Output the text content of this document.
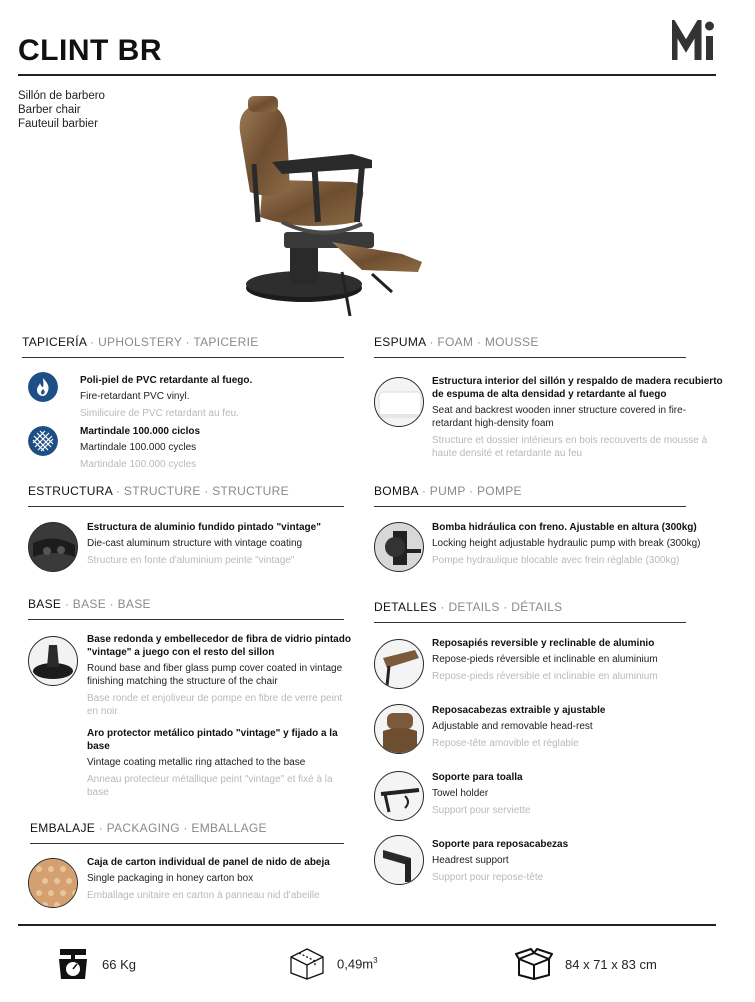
CLINT BR
Sillón de barbero
Barber chair
Fauteuil barbier
TAPICERÍA · UPHOLSTERY · TAPICERIE
Poli-piel de PVC retardante al fuego.
Fire-retardant PVC vinyl.
Similicuire de PVC retardant au feu.
Martindale 100.000 ciclos
Martindale 100.000 cycles
Martindale 100.000 cycles
ESPUMA · FOAM · MOUSSE
Estructura interior del sillón y respaldo de madera recubierto de espuma de alta densidad y retardante al fuego
Seat and backrest wooden inner structure covered in fire-retardant high-density foam
Structure et dossier intérieurs en bois recouverts de mousse à haute densité et retardante au feu
ESTRUCTURA · STRUCTURE · STRUCTURE
Estructura de aluminio fundido pintado "vintage"
Die-cast aluminum structure with vintage coating
Structure en fonte d'aluminium peinte "vintage"
BOMBA · PUMP · POMPE
Bomba hidráulica con freno. Ajustable en altura (300kg)
Locking height adjustable hydraulic pump with break (300kg)
Pompe hydraulique blocable avec frein réglable (300kg)
BASE · BASE · BASE
Base redonda y embellecedor de fibra de vidrio pintado "vintage" a juego con el resto del sillon
Round base and fiber glass pump cover coated in vintage finishing matching the structure of the chair
Base ronde et enjoliveur de pompe en fibre de verre peint en noir
Aro protector metálico pintado "vintage" y fijado a la base
Vintage coating metallic ring attached to the base
Anneau protecteur métallique peint "vintage" et fixé à la base
DETALLES · DETAILS · DÉTAILS
Reposapiés reversible y reclinable de aluminio
Repose-pieds réversible et inclinable en aluminium
Repose-pieds réversible et inclinable en aluminium
Reposacabezas extraible y ajustable
Adjustable and removable head-rest
Repose-tête amovible et réglable
Soporte para toalla
Towel holder
Support pour serviette
Soporte para reposacabezas
Headrest support
Support pour repose-tête
EMBALAJE · PACKAGING · EMBALLAGE
Caja de carton individual de panel de nido de abeja
Single packaging in honey carton box
Emballage unitaire en carton à panneau nid d'abeille
66 Kg	$0,49m^3$	84 x 71 x 83 cm
